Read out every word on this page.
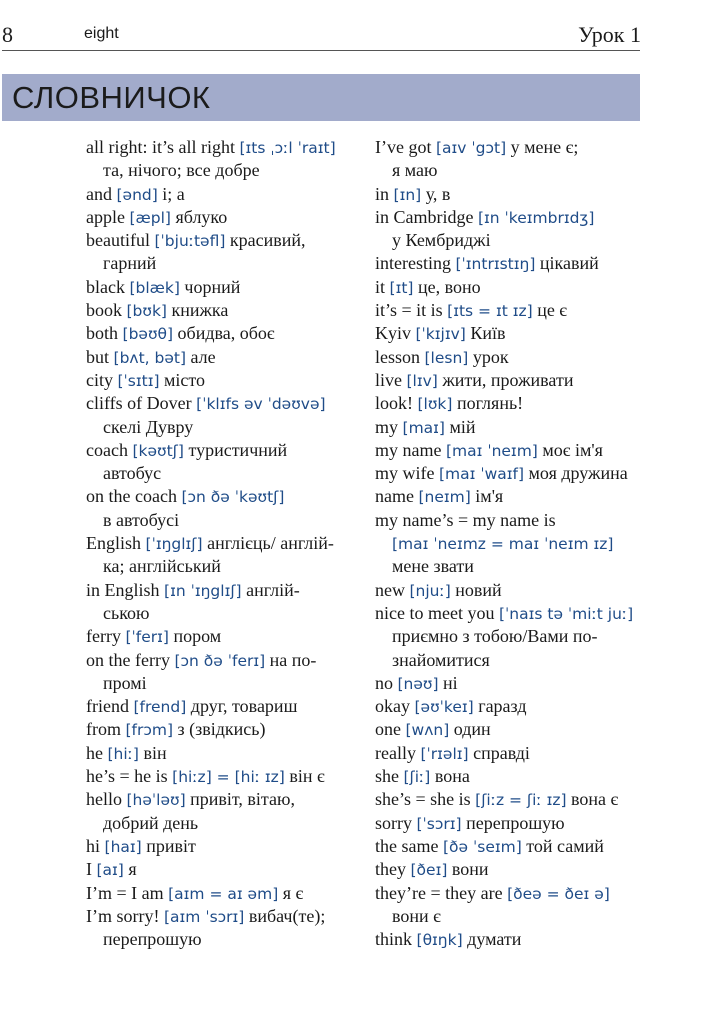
8	eight	Урок 1
СЛОВНИЧОК
all right: it’s all right [ɪts ˌɔːl ˈraɪt]
та, нічого; все добре
and [ənd] і; а
apple [æpl] яблуко
beautiful [ˈbjuːtəfl] красивий,
гарний
black [blæk] чорний
book [bʊk] книжка
both [bəʊθ] обидва, обоє
but [bʌt, bət] але
city [ˈsɪtɪ] місто
cliffs of Dover [ˈklɪfs əv ˈdəʊvə]
скелі Дувру
coach [kəʊtʃ] туристичний
автобус
on the coach [ɔn ðə ˈkəʊtʃ]
в автобусі
English [ˈɪŋglɪʃ] англієць/ англій-
ка; англійський
in English [ɪn ˈɪŋglɪʃ] англій-
ською
ferry [ˈferɪ] пором
on the ferry [ɔn ðə ˈferɪ] на по-
промі
friend [frend] друг, товариш
from [frɔm] з (звідкись)
he [hiː] він
he’s = he is [hiːz] = [hiː ɪz] він є
hello [həˈləʊ] привіт, вітаю,
добрий день
hi [haɪ] привіт
I [aɪ] я
I’m = I am [aɪm = aɪ əm] я є
I’m sorry! [aɪm ˈsɔrɪ] вибач(те);
перепрошую
I’ve got [aɪv ˈgɔt] у мене є;
я маю
in [ɪn] у, в
in Cambridge [ɪn ˈkeɪmbrɪdʒ]
у Кембриджі
interesting [ˈɪntrɪstɪŋ] цікавий
it [ɪt] це, воно
it’s = it is [ɪts = ɪt ɪz] це є
Kyiv [ˈkɪjɪv] Київ
lesson [lesn] урок
live [lɪv] жити, проживати
look! [lʊk] поглянь!
my [maɪ] мій
my name [maɪ ˈneɪm] моє ім'я
my wife [maɪ ˈwaɪf] моя дружина
name [neɪm] ім'я
my name’s = my name is
[maɪ ˈneɪmz = maɪ ˈneɪm ɪz]
мене звати
new [njuː] новий
nice to meet you [ˈnaɪs tə ˈmiːt juː]
приємно з тобою/Вами по-
знайомитися
no [nəʊ] ні
okay [əʊˈkeɪ] гаразд
one [wʌn] один
really [ˈrɪəlɪ] справді
she [ʃiː] вона
she’s = she is [ʃiːz = ʃiː ɪz] вона є
sorry [ˈsɔrɪ] перепрошую
the same [ðə ˈseɪm] той самий
they [ðeɪ] вони
they’re = they are [ðeə = ðeɪ ə]
вони є
think [θɪŋk] думати
